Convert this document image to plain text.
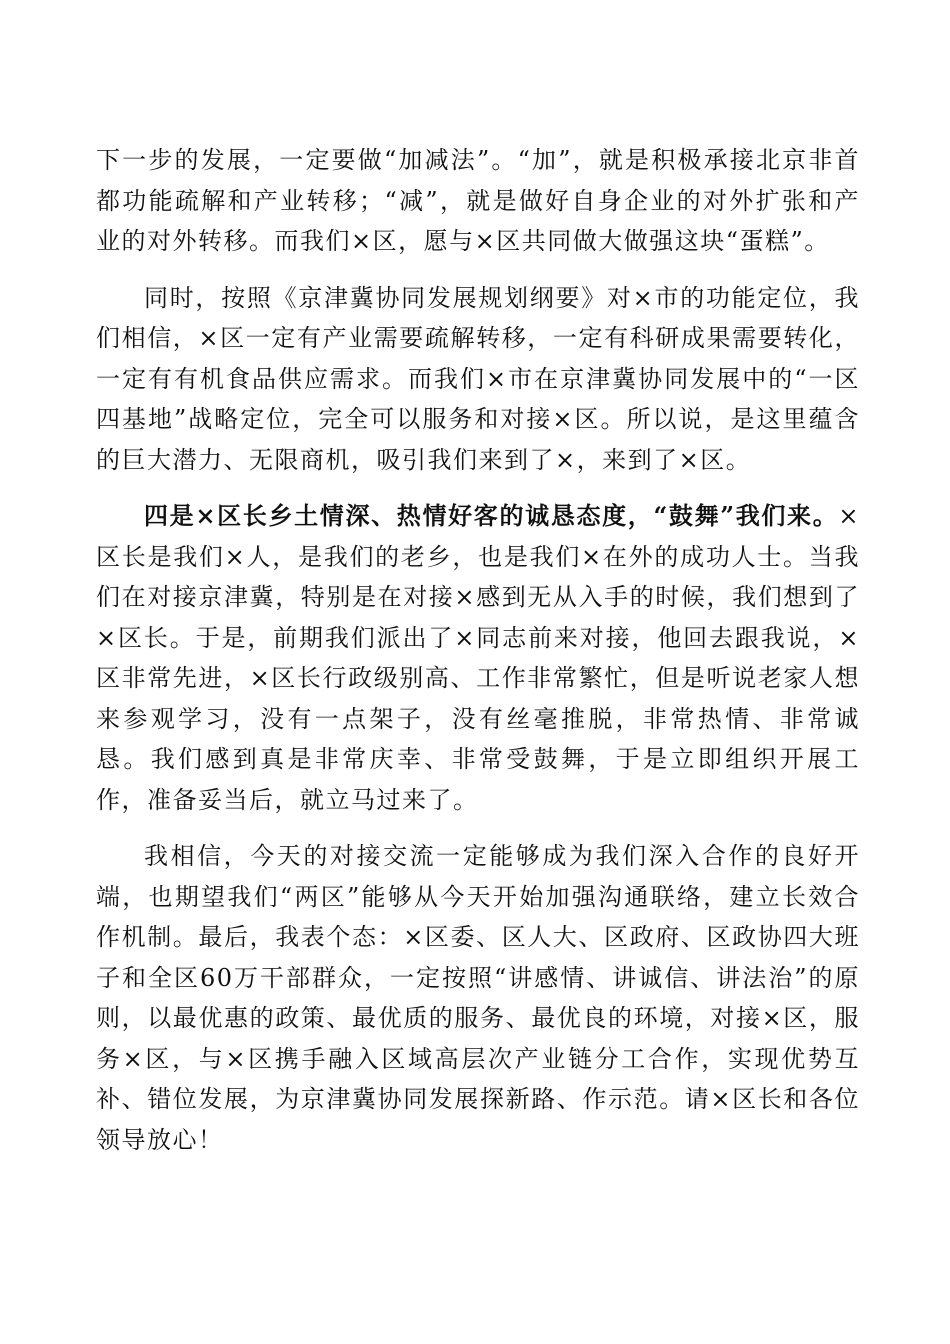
下一步的发展，一定要做“加减法”。“加”，就是积极承接北京非首都功能疏解和产业转移；“减”，就是做好自身企业的对外扩张和产业的对外转移。而我们×区，愿与×区共同做大做强这块“蛋糕”。

同时，按照《京津冀协同发展规划纲要》对×市的功能定位，我们相信，×区一定有产业需要疏解转移，一定有科研成果需要转化，一定有有机食品供应需求。而我们×市在京津冀协同发展中的“一区四基地”战略定位，完全可以服务和对接×区。所以说，是这里蕴含的巨大潜力、无限商机，吸引我们来到了×，来到了×区。

四是×区长乡土情深、热情好客的诚恳态度，“鼓舞”我们来。×区长是我们×人，是我们的老乡，也是我们×在外的成功人士。当我们在对接京津冀，特别是在对接×感到无从入手的时候，我们想到了×区长。于是，前期我们派出了×同志前来对接，他回去跟我说，×区非常先进，×区长行政级别高、工作非常繁忙，但是听说老家人想来参观学习，没有一点架子，没有丝毫推脱，非常热情、非常诚恳。我们感到真是非常庆幸、非常受鼓舞，于是立即组织开展工作，准备妥当后，就立马过来了。

我相信，今天的对接交流一定能够成为我们深入合作的良好开端，也期望我们“两区”能够从今天开始加强沟通联络，建立长效合作机制。最后，我表个态：×区委、区人大、区政府、区政协四大班子和全区60万干部群众，一定按照“讲感情、讲诚信、讲法治”的原则，以最优惠的政策、最优质的服务、最优良的环境，对接×区，服务×区，与×区携手融入区域高层次产业链分工合作，实现优势互补、错位发展，为京津冀协同发展探新路、作示范。请×区长和各位领导放心！
